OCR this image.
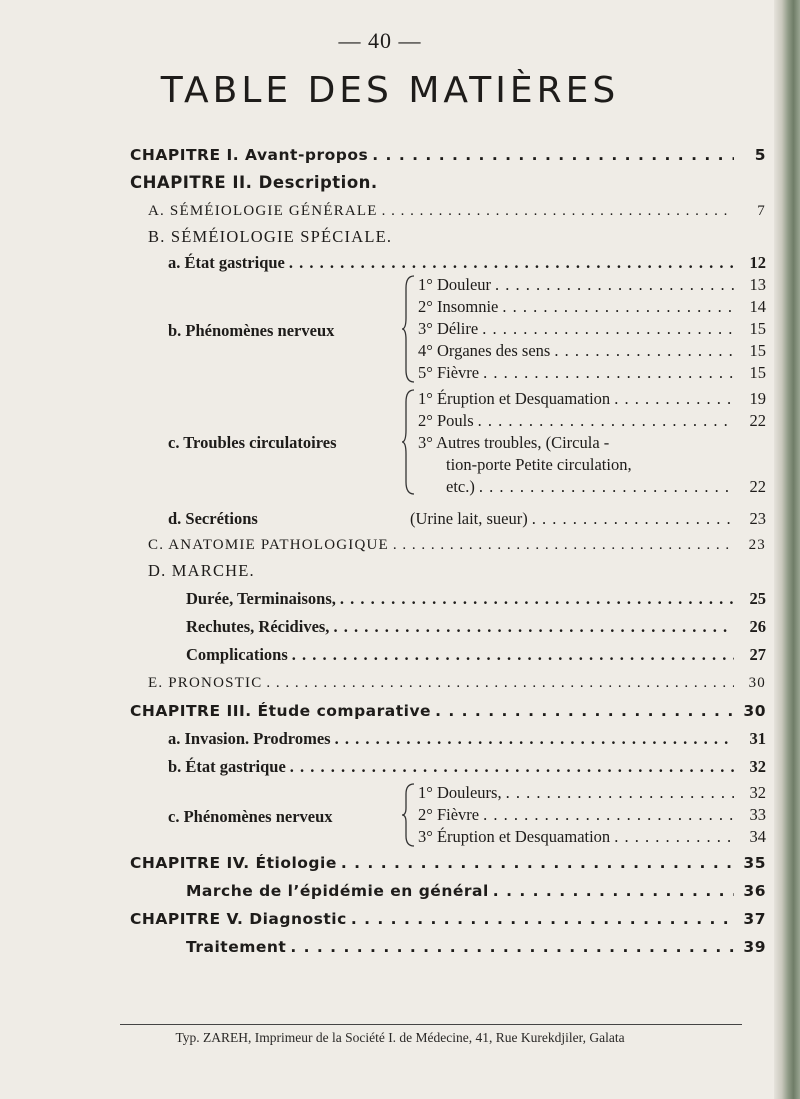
— 40 —
TABLE DES MATIÈRES
CHAPITRE I. Avant-propos . . .	5
CHAPITRE II. Description.
A. SÉMÉIOLOGIE GÉNÉRALE . . .	7
B. SÉMÉIOLOGIE SPÉCIALE.
a. État gastrique . . .	12
b. Phénomènes nerveux
1° Douleur . . .	13
2° Insomnie . . .	14
3° Délire . . .	15
4° Organes des sens . . .	15
5° Fièvre . . .	15
c. Troubles circulatoires
1° Éruption et Desquamation . . .	19
2° Pouls . . .	22
3° Autres troubles, (Circula -
tion-porte Petite circulation,
etc.) . . .	22
d. Secrétions	(Urine lait, sueur) . . .	23
C. ANATOMIE PATHOLOGIQUE . . .	23
D. MARCHE.
Durée, Terminaisons, . . .	25
Rechutes, Récidives, . . .	26
Complications . . .	27
E. PRONOSTIC . . .	30
CHAPITRE III. Étude comparative . . .	30
a. Invasion. Prodromes . . .	31
b. État gastrique . . .	32
c. Phénomènes nerveux
1° Douleurs, . . .	32
2° Fièvre . . .	33
3° Éruption et Desquamation . . .	34
CHAPITRE IV. Étiologie . . .	35
Marche de l’épidémie en général . . .	36
CHAPITRE V. Diagnostic . . .	37
Traitement . . .	39
Typ. ZAREH, Imprimeur de la Société I. de Médecine, 41, Rue Kurekdjiler, Galata
